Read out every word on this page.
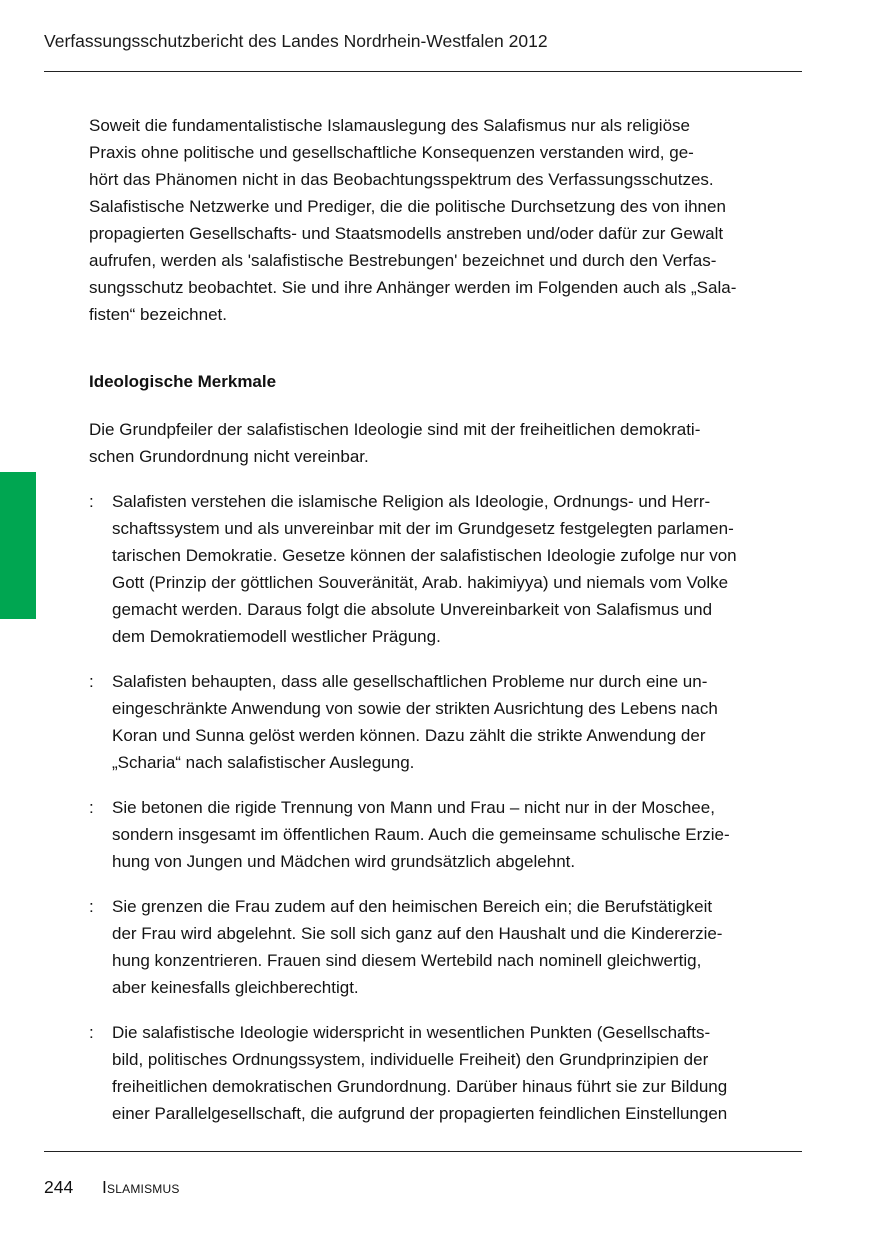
Verfassungsschutzbericht des Landes Nordrhein-Westfalen 2012
Soweit die fundamentalistische Islamauslegung des Salafismus nur als religiöse
Praxis ohne politische und gesellschaftliche Konsequenzen verstanden wird, ge-
hört das Phänomen nicht in das Beobachtungsspektrum des Verfassungsschutzes.
Salafistische Netzwerke und Prediger, die die politische Durchsetzung des von ihnen
propagierten Gesellschafts- und Staatsmodells anstreben und/oder dafür zur Gewalt
aufrufen, werden als 'salafistische Bestrebungen' bezeichnet und durch den Verfas-
sungsschutz beobachtet. Sie und ihre Anhänger werden im Folgenden auch als „Sala-
fisten“ bezeichnet.
Ideologische Merkmale
Die Grundpfeiler der salafistischen Ideologie sind mit der freiheitlichen demokrati-
schen Grundordnung nicht vereinbar.
: Salafisten verstehen die islamische Religion als Ideologie, Ordnungs- und Herr-
schaftssystem und als unvereinbar mit der im Grundgesetz festgelegten parlamen-
tarischen Demokratie. Gesetze können der salafistischen Ideologie zufolge nur von
Gott (Prinzip der göttlichen Souveränität, Arab. hakimiyya) und niemals vom Volke
gemacht werden. Daraus folgt die absolute Unvereinbarkeit von Salafismus und
dem Demokratiemodell westlicher Prägung.
: Salafisten behaupten, dass alle gesellschaftlichen Probleme nur durch eine un-
eingeschränkte Anwendung von sowie der strikten Ausrichtung des Lebens nach
Koran und Sunna gelöst werden können. Dazu zählt die strikte Anwendung der
„Scharia“ nach salafistischer Auslegung.
: Sie betonen die rigide Trennung von Mann und Frau – nicht nur in der Moschee,
sondern insgesamt im öffentlichen Raum. Auch die gemeinsame schulische Erzie-
hung von Jungen und Mädchen wird grundsätzlich abgelehnt.
: Sie grenzen die Frau zudem auf den heimischen Bereich ein; die Berufstätigkeit
der Frau wird abgelehnt. Sie soll sich ganz auf den Haushalt und die Kindererzie-
hung konzentrieren. Frauen sind diesem Wertebild nach nominell gleichwertig,
aber keinesfalls gleichberechtigt.
: Die salafistische Ideologie widerspricht in wesentlichen Punkten (Gesellschafts-
bild, politisches Ordnungssystem, individuelle Freiheit) den Grundprinzipien der
freiheitlichen demokratischen Grundordnung. Darüber hinaus führt sie zur Bildung
einer Parallelgesellschaft, die aufgrund der propagierten feindlichen Einstellungen
244 Islamismus
